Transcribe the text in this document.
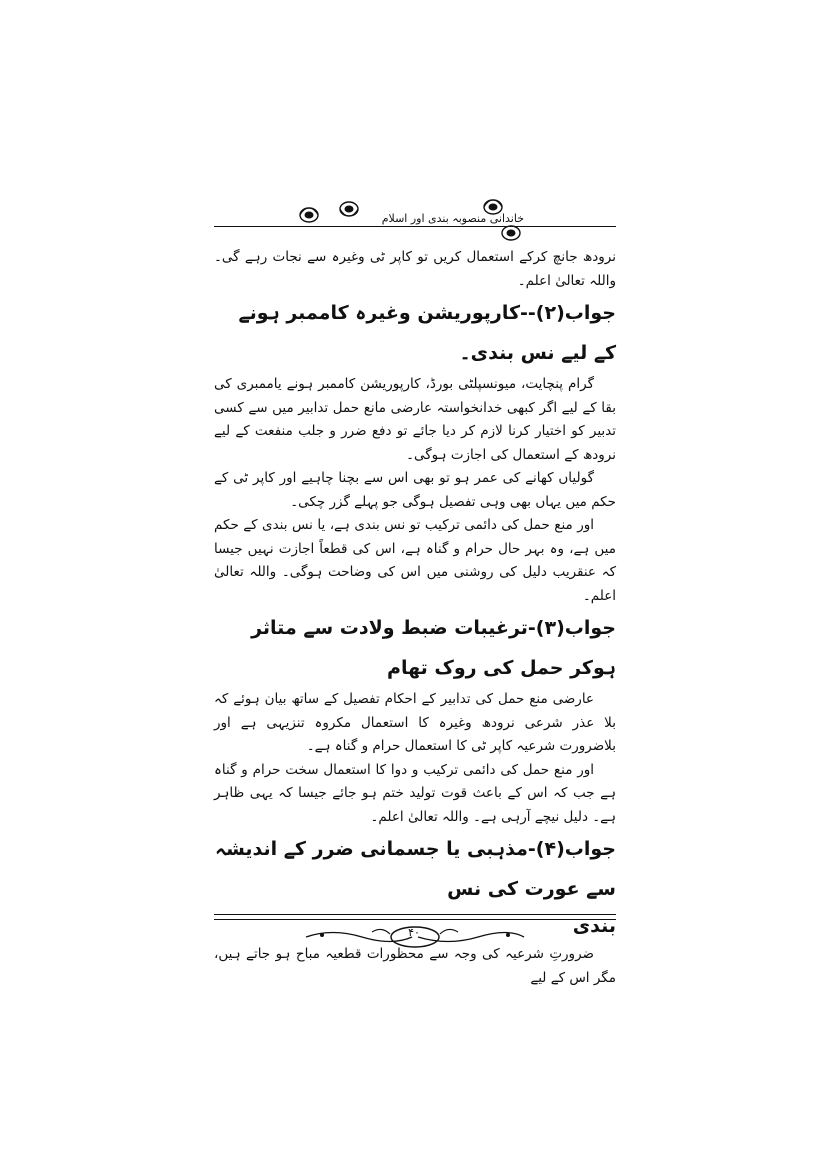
خاندانی منصوبہ بندی اور اسلام

نرودھ جانچ کرکے استعمال کریں تو کاپر ٹی وغیرہ سے نجات رہے گی۔ واللہ تعالیٰ اعلم۔

جواب(۲)--کارپوریشن وغیرہ کاممبر ہونے کے لیے نس بندی۔

گرام پنچایت، میونسپلٹی بورڈ، کارپوریشن کاممبر ہونے یاممبری کی بقا کے لیے اگر کبھی خدانخواستہ عارضی مانع حمل تدابیر میں سے کسی تدبیر کو اختیار کرنا لازم کر دیا جائے تو دفع ضرر و جلب منفعت کے لیے نرودھ کے استعمال کی اجازت ہوگی۔

گولیاں کھانے کی عمر ہو تو بھی اس سے بچنا چاہیے اور کاپر ٹی کے حکم میں یہاں بھی وہی تفصیل ہوگی جو پہلے گزر چکی۔

اور منع حمل کی دائمی ترکیب تو نس بندی ہے، یا نس بندی کے حکم میں ہے، وہ بہر حال حرام و گناہ ہے، اس کی قطعاً اجازت نہیں جیسا کہ عنقریب دلیل کی روشنی میں اس کی وضاحت ہوگی۔ واللہ تعالیٰ اعلم۔

جواب(۳)-ترغیبات ضبط ولادت سے متاثر ہوکر حمل کی روک تھام

عارضی منع حمل کی تدابیر کے احکام تفصیل کے ساتھ بیان ہوئے کہ بلا عذر شرعی نرودھ وغیرہ کا استعمال مکروہ تنزیہی ہے اور بلاضرورت شرعیہ کاپر ٹی کا استعمال حرام و گناہ ہے۔

اور منع حمل کی دائمی ترکیب و دوا کا استعمال سخت حرام و گناہ ہے جب کہ اس کے باعث قوت تولید ختم ہو جائے جیسا کہ یہی ظاہر ہے۔ دلیل نیچے آرہی ہے۔ واللہ تعالیٰ اعلم۔

جواب(۴)-مذہبی یا جسمانی ضرر کے اندیشہ سے عورت کی نس
بندی

ضرورتِ شرعیہ کی وجہ سے محظورات قطعیہ مباح ہو جاتے ہیں، مگر اس کے لیے

۴۰
